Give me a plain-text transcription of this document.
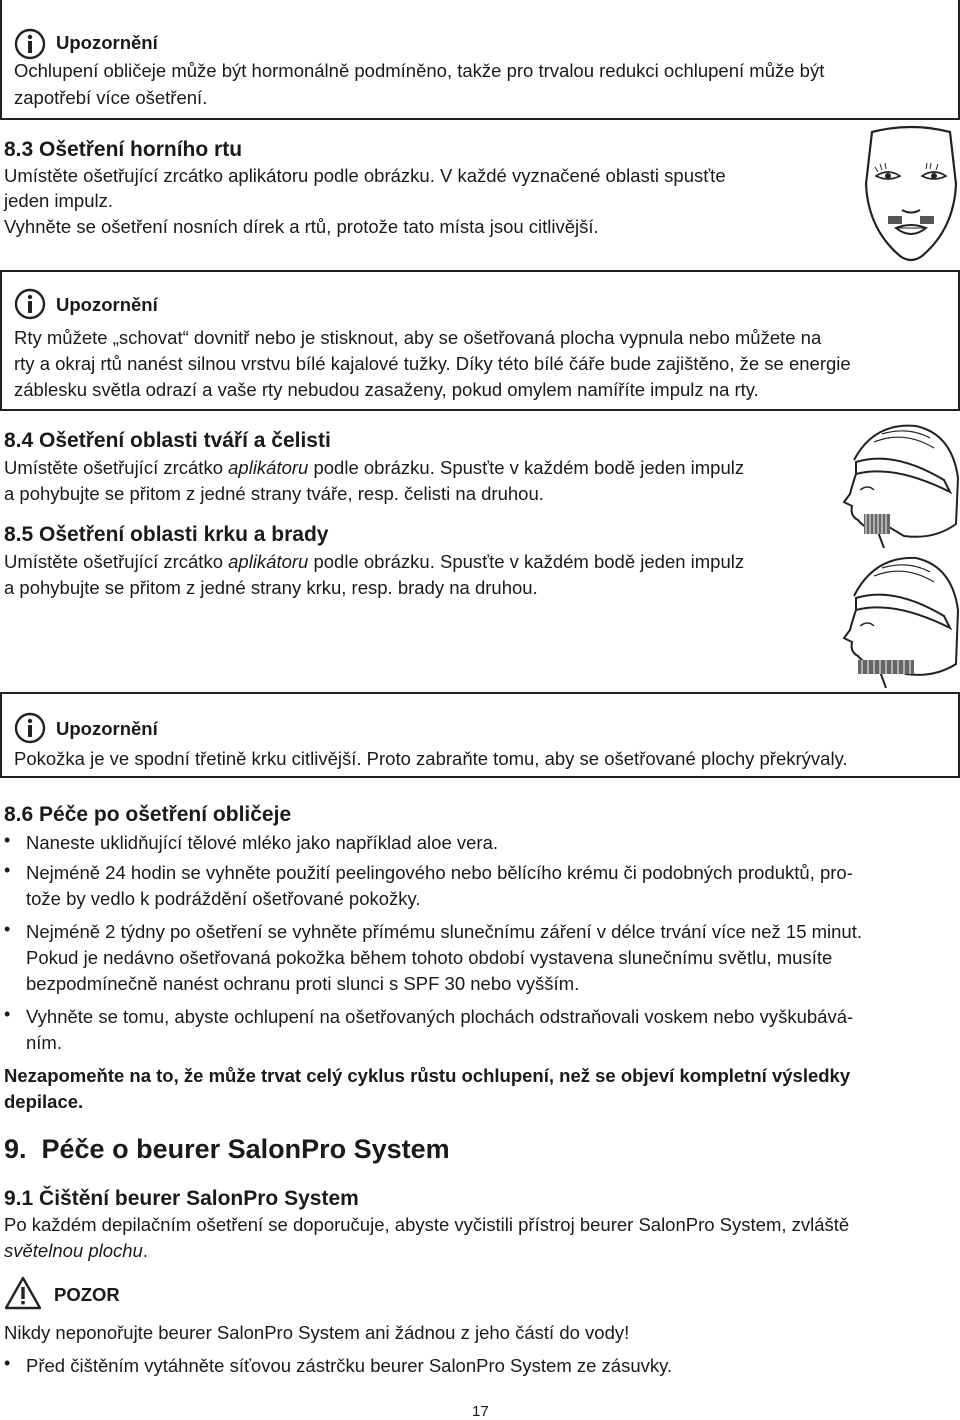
Upozornění
Ochlupení obličeje může být hormonálně podmíněno, takže pro trvalou redukci ochlupení může být
zapotřebí více ošetření.
8.3 Ošetření horního rtu
Umístěte ošetřující zrcátko aplikátoru podle obrázku. V každé vyznačené oblasti spusťte
jeden impulz.
Vyhněte se ošetření nosních dírek a rtů, protože tato místa jsou citlivější.
Upozornění
Rty můžete „schovat“ dovnitř nebo je stisknout, aby se ošetřovaná plocha vypnula nebo můžete na
rty a okraj rtů nanést silnou vrstvu bílé kajalové tužky. Díky této bílé čáře bude zajištěno, že se energie
záblesku světla odrazí a vaše rty nebudou zasaženy, pokud omylem namíříte impulz na rty.
8.4 Ošetření oblasti tváří a čelisti
Umístěte ošetřující zrcátko aplikátoru podle obrázku. Spusťte v každém bodě jeden impulz
a pohybujte se přitom z jedné strany tváře, resp. čelisti na druhou.
8.5 Ošetření oblasti krku a brady
Umístěte ošetřující zrcátko aplikátoru podle obrázku. Spusťte v každém bodě jeden impulz
a pohybujte se přitom z jedné strany krku, resp. brady na druhou.
Upozornění
Pokožka je ve spodní třetině krku citlivější. Proto zabraňte tomu, aby se ošetřované plochy překrývaly.
8.6 Péče po ošetření obličeje
• Naneste uklidňující tělové mléko jako například aloe vera.
• Nejméně 24 hodin se vyhněte použití peelingového nebo bělícího krému či podobných produktů, pro-
tože by vedlo k podráždění ošetřované pokožky.
• Nejméně 2 týdny po ošetření se vyhněte přímému slunečnímu záření v délce trvání více než 15 minut.
Pokud je nedávno ošetřovaná pokožka během tohoto období vystavena slunečnímu světlu, musíte
bezpodmínečně nanést ochranu proti slunci s SPF 30 nebo vyšším.
• Vyhněte se tomu, abyste ochlupení na ošetřovaných plochách odstraňovali voskem nebo vyškubává-
ním.
Nezapomeňte na to, že může trvat celý cyklus růstu ochlupení, než se objeví kompletní výsledky
depilace.
9.  Péče o beurer SalonPro System
9.1 Čištění beurer SalonPro System
Po každém depilačním ošetření se doporučuje, abyste vyčistili přístroj beurer SalonPro System, zvláště
světelnou plochu.
POZOR
Nikdy neponořujte beurer SalonPro System ani žádnou z jeho částí do vody!
• Před čištěním vytáhněte síťovou zástrčku beurer SalonPro System ze zásuvky.
17
